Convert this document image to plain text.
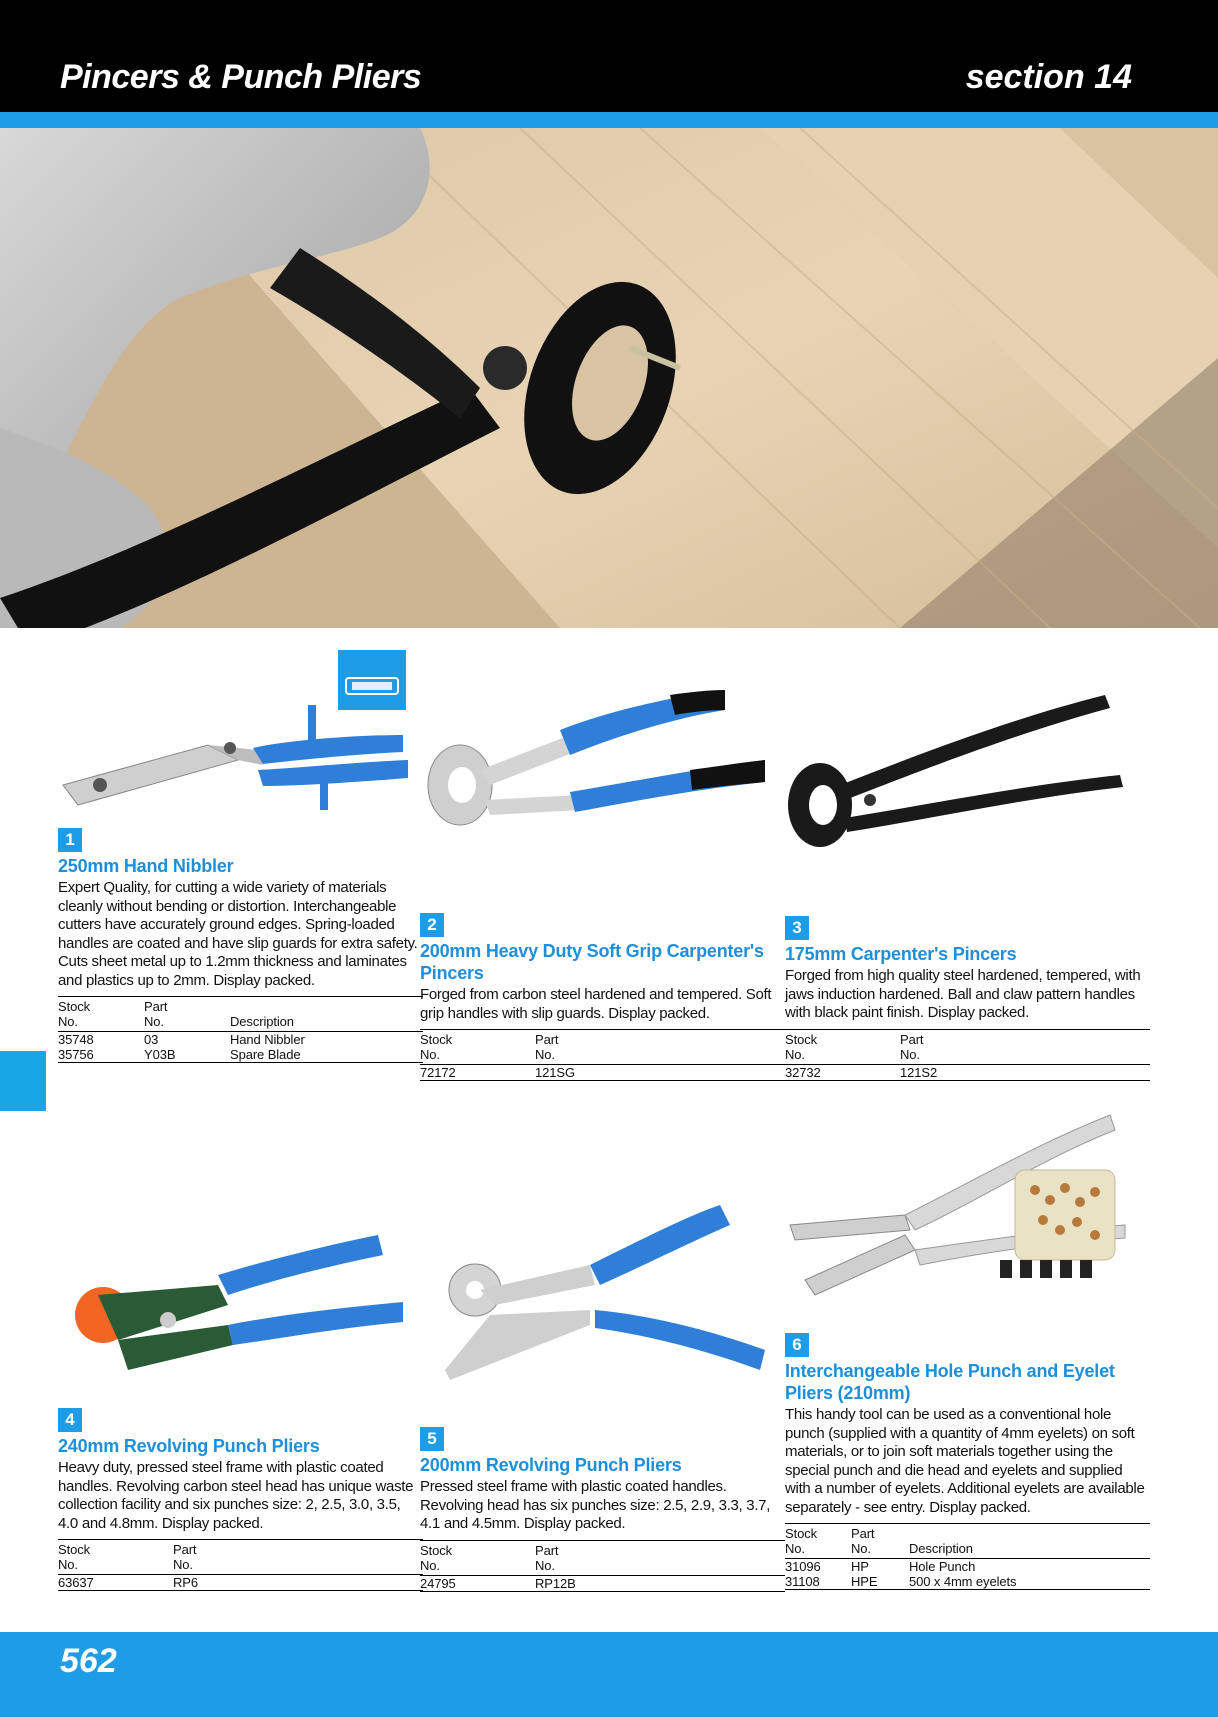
Pincers & Punch Pliers	section 14
1
250mm Hand Nibbler
Expert Quality, for cutting a wide variety of materials cleanly without bending or distortion. Interchangeable cutters have accurately ground edges. Spring-loaded handles are coated and have slip guards for extra safety. Cuts sheet metal up to 1.2mm thickness and laminates and plastics up to 2mm. Display packed.
Stock
No.	Part
No.	Description
35748	03	Hand Nibbler
35756	Y03B	Spare Blade
2
200mm Heavy Duty Soft Grip Carpenter's Pincers
Forged from carbon steel hardened and tempered. Soft grip handles with slip guards. Display packed.
Stock
No.	Part
No.
72172	121SG
3
175mm Carpenter's Pincers
Forged from high quality steel hardened, tempered, with jaws induction hardened. Ball and claw pattern handles with black paint finish. Display packed.
Stock
No.	Part
No.
32732	121S2
4
240mm Revolving Punch Pliers
Heavy duty, pressed steel frame with plastic coated handles. Revolving carbon steel head has unique waste collection facility and six punches size: 2, 2.5, 3.0, 3.5, 4.0 and 4.8mm. Display packed.
Stock
No.	Part
No.
63637	RP6
5
200mm Revolving Punch Pliers
Pressed steel frame with plastic coated handles. Revolving head has six punches size: 2.5, 2.9, 3.3, 3.7, 4.1 and 4.5mm. Display packed.
Stock
No.	Part
No.
24795	RP12B
6
Interchangeable Hole Punch and Eyelet Pliers (210mm)
This handy tool can be used as a conventional hole punch (supplied with a quantity of 4mm eyelets) on soft materials, or to join soft materials together using the special punch and die head and eyelets and supplied with a number of eyelets. Additional eyelets are available separately - see entry. Display packed.
Stock
No.	Part
No.	Description
31096	HP	Hole Punch
31108	HPE	500 x 4mm eyelets
562
